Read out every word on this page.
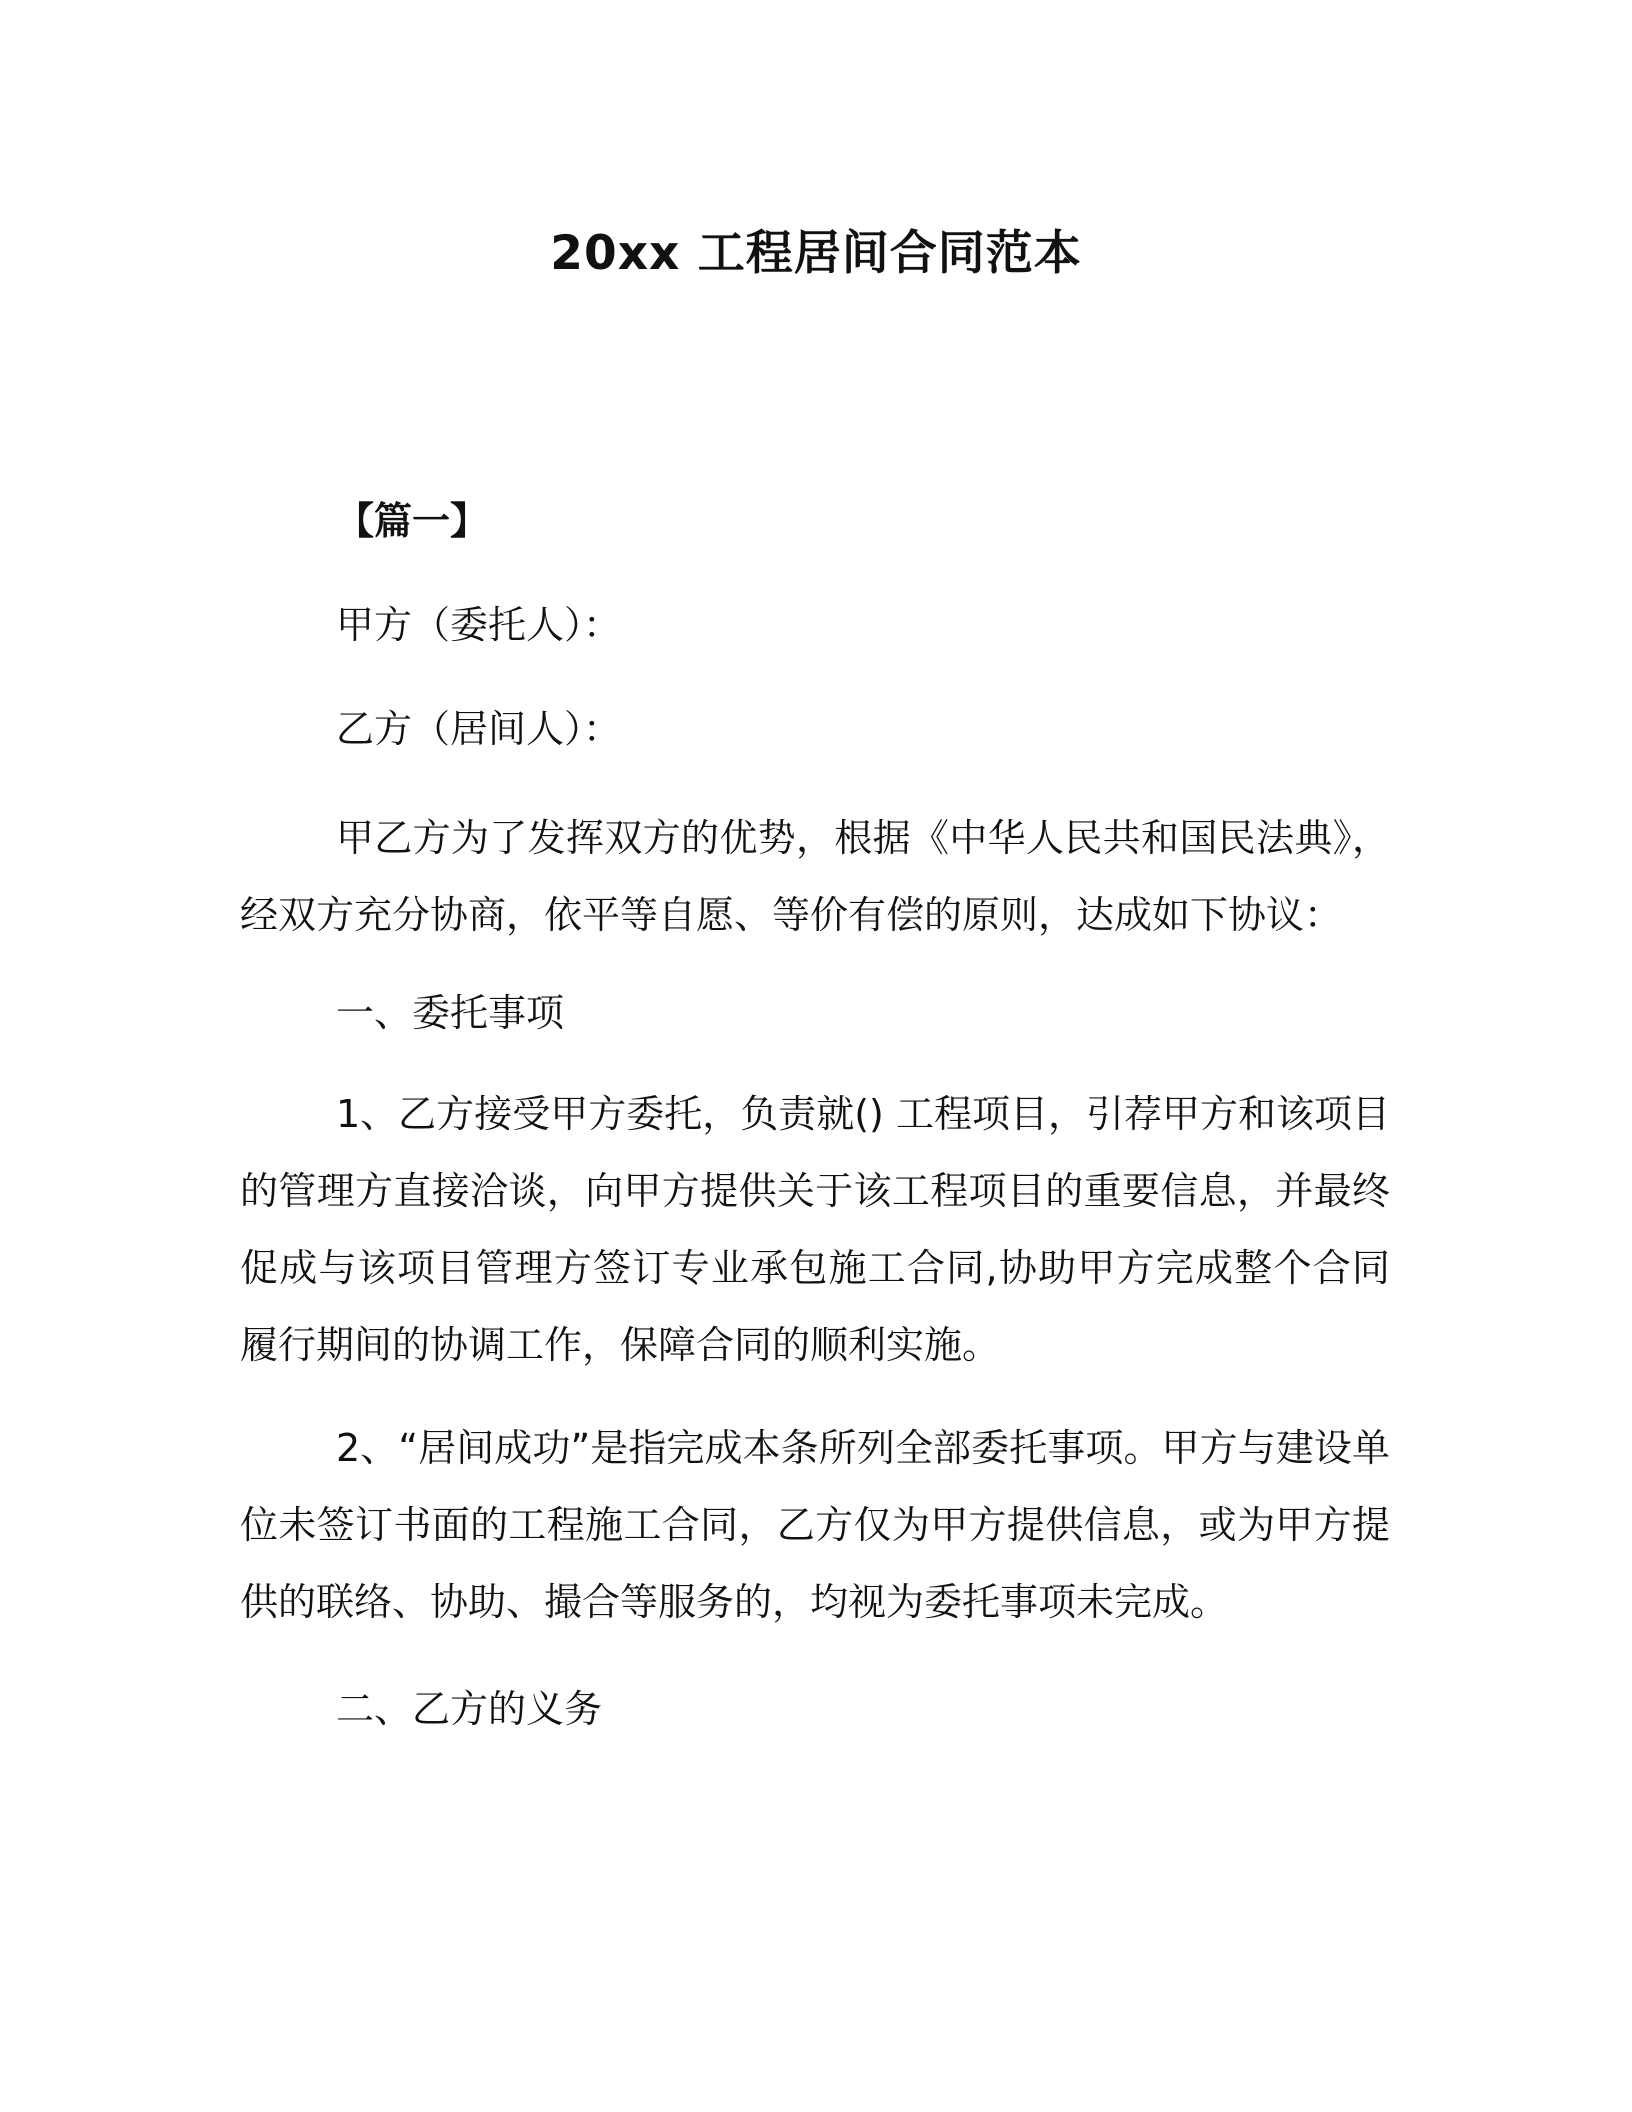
20xx 工程居间合同范本
【篇一】
甲方（委托人）：
乙方（居间人）：
甲乙方为了发挥双方的优势，根据《中华人民共和国民法典》，经双方充分协商，依平等自愿、等价有偿的原则，达成如下协议：
一、委托事项
1、乙方接受甲方委托，负责就() 工程项目，引荐甲方和该项目的管理方直接洽谈，向甲方提供关于该工程项目的重要信息，并最终促成与该项目管理方签订专业承包施工合同,协助甲方完成整个合同履行期间的协调工作，保障合同的顺利实施。
2、“居间成功”是指完成本条所列全部委托事项。甲方与建设单位未签订书面的工程施工合同，乙方仅为甲方提供信息，或为甲方提供的联络、协助、撮合等服务的，均视为委托事项未完成。
二、乙方的义务
